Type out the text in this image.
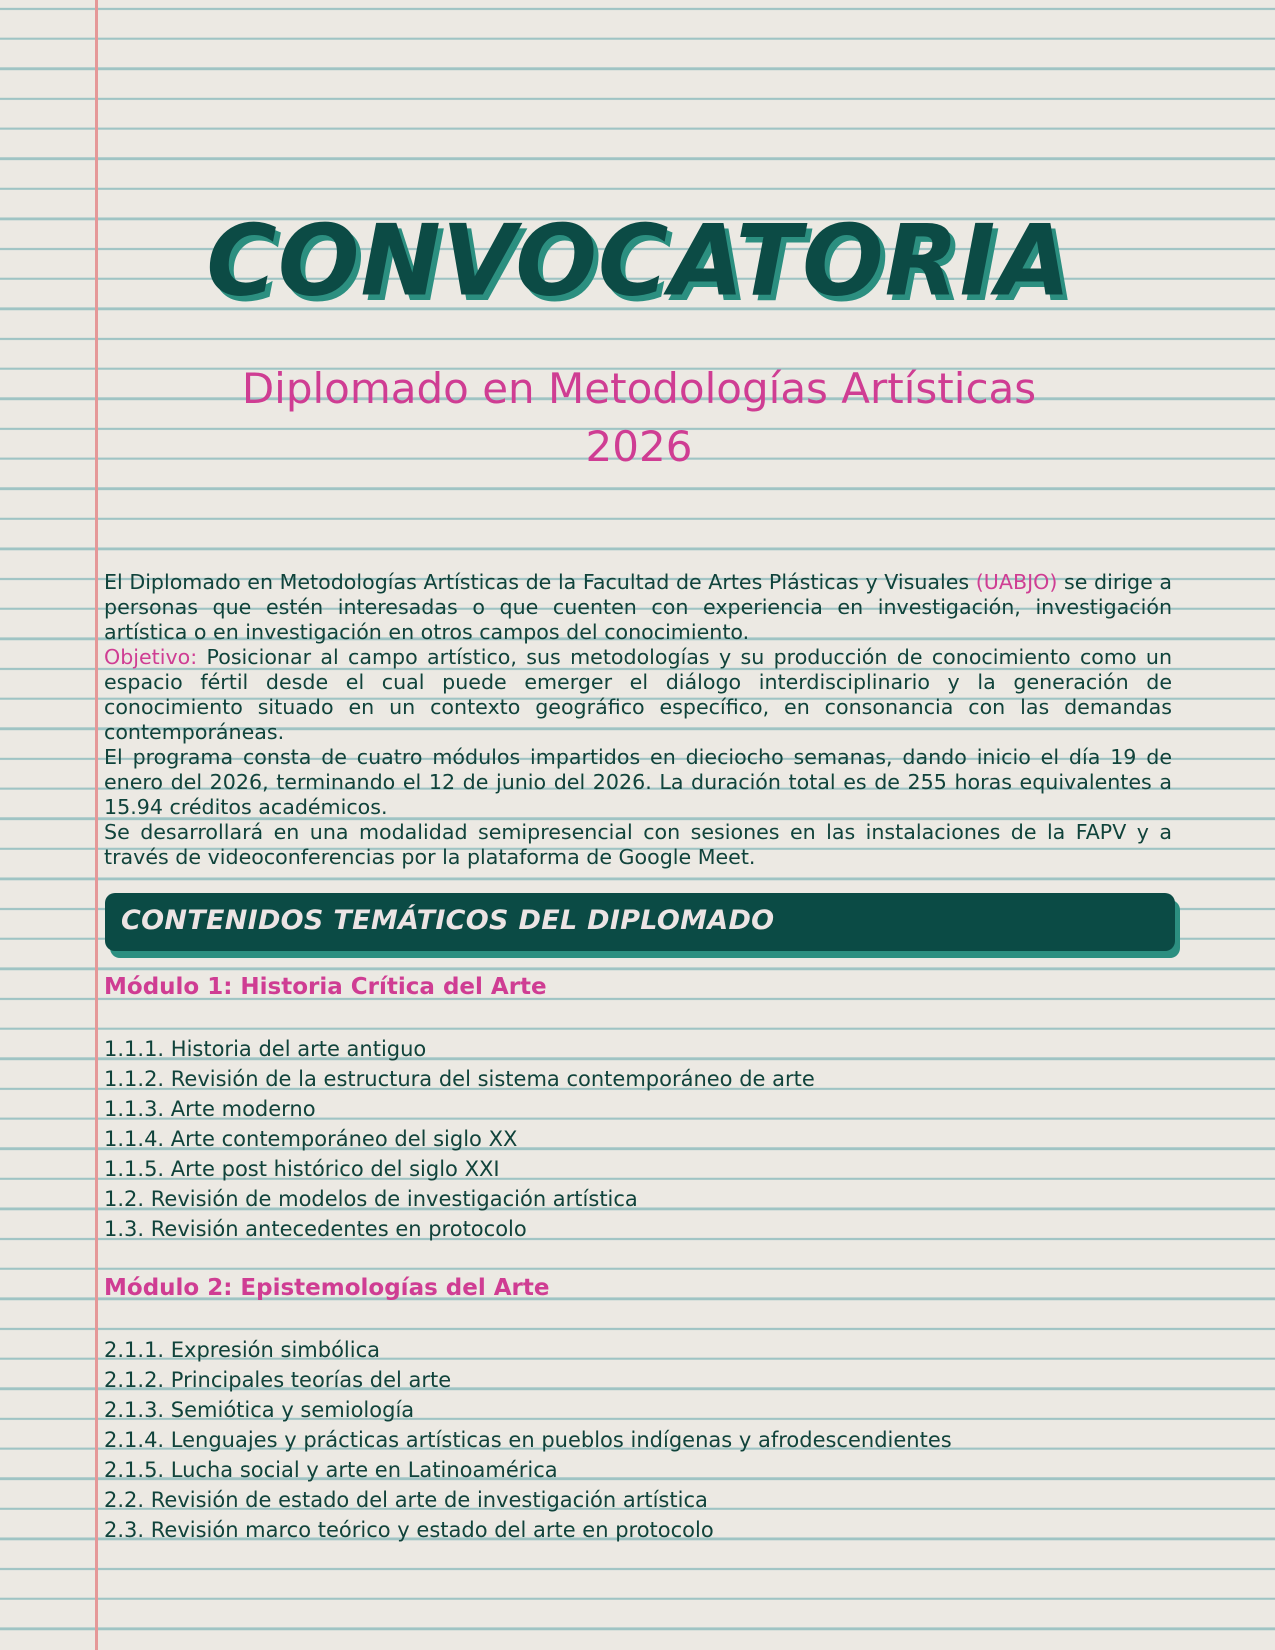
CONVOCATORIA
Diplomado en Metodologías Artísticas
2026

El Diplomado en Metodologías Artísticas de la Facultad de Artes Plásticas y Visuales (UABJO) se dirige a personas que estén interesadas o que cuenten con experiencia en investigación, investigación artística o en investigación en otros campos del conocimiento.

Objetivo: Posicionar al campo artístico, sus metodologías y su producción de conocimiento como un espacio fértil desde el cual puede emerger el diálogo interdisciplinario y la generación de conocimiento situado en un contexto geográfico específico, en consonancia con las demandas contemporáneas.

El programa consta de cuatro módulos impartidos en dieciocho semanas, dando inicio el día 19 de enero del 2026, terminando el 12 de junio del 2026. La duración total es de 255 horas equivalentes a 15.94 créditos académicos.

Se desarrollará en una modalidad semipresencial con sesiones en las instalaciones de la FAPV y a través de videoconferencias por la plataforma de Google Meet.

CONTENIDOS TEMÁTICOS DEL DIPLOMADO
Módulo 1: Historia Crítica del Arte
1.1.1. Historia del arte antiguo
1.1.2. Revisión de la estructura del sistema contemporáneo de arte
1.1.3. Arte moderno
1.1.4. Arte contemporáneo del siglo XX
1.1.5. Arte post histórico del siglo XXI
1.2. Revisión de modelos de investigación artística
1.3. Revisión antecedentes en protocolo
Módulo 2: Epistemologías del Arte
2.1.1. Expresión simbólica
2.1.2. Principales teorías del arte
2.1.3. Semiótica y semiología
2.1.4. Lenguajes y prácticas artísticas en pueblos indígenas y afrodescendientes
2.1.5. Lucha social y arte en Latinoamérica
2.2. Revisión de estado del arte de investigación artística
2.3. Revisión marco teórico y estado del arte en protocolo
